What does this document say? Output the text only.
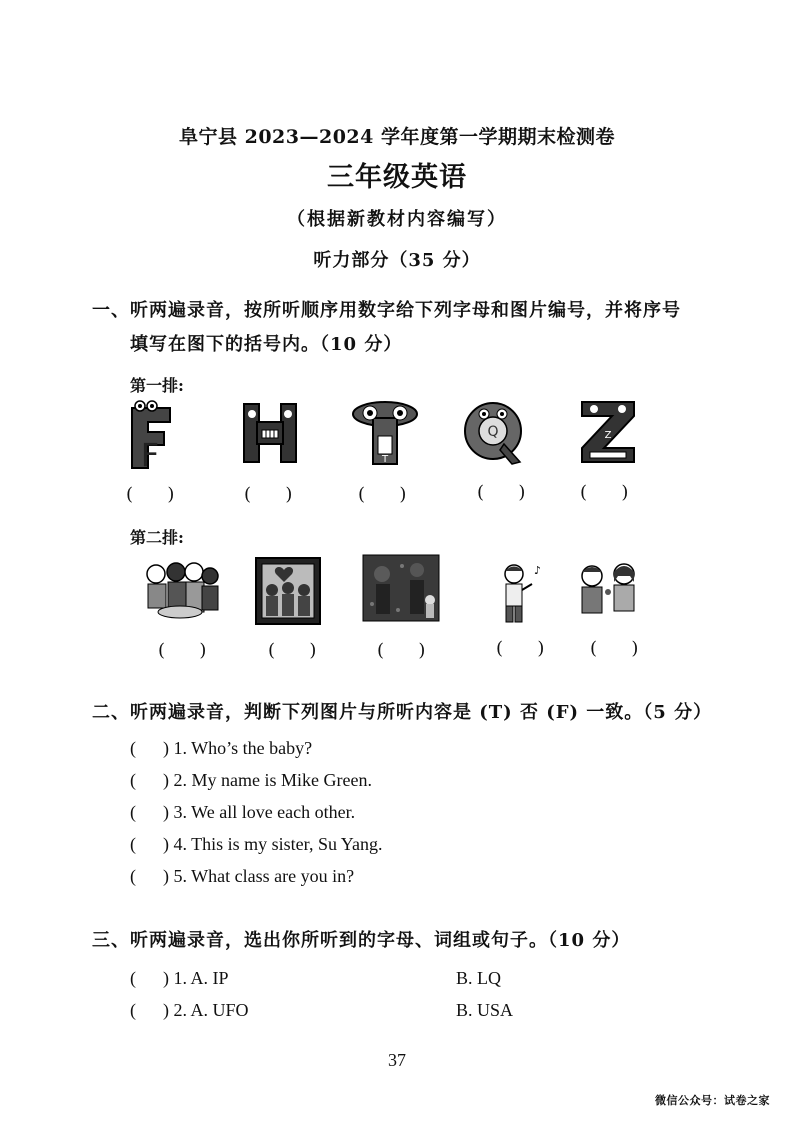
阜宁县 2023—2024 学年度第一学期期末检测卷
三年级英语
（根据新教材内容编写）
听力部分（35 分）
一、听两遍录音，按所听顺序用数字给下列字母和图片编号，并将序号
填写在图下的括号内。（10 分）
第一排:
F	H	T
Q	Z
(      )	(      )	(      )	(      )	(      )
第二排:
♪
(      )	(      )	(      )	(      )	(      )
二、听两遍录音，判断下列图片与所听内容是 (T) 否 (F) 一致。（5 分）
(      ) 1. Who’s the baby?
(      ) 2. My name is Mike Green.
(      ) 3. We all love each other.
(      ) 4. This is my sister, Su Yang.
(      ) 5. What class are you in?
三、听两遍录音，选出你所听到的字母、词组或句子。（10 分）
(      ) 1. A. IP	B. LQ
(      ) 2. A. UFO	B. USA
37
微信公众号：试卷之家
